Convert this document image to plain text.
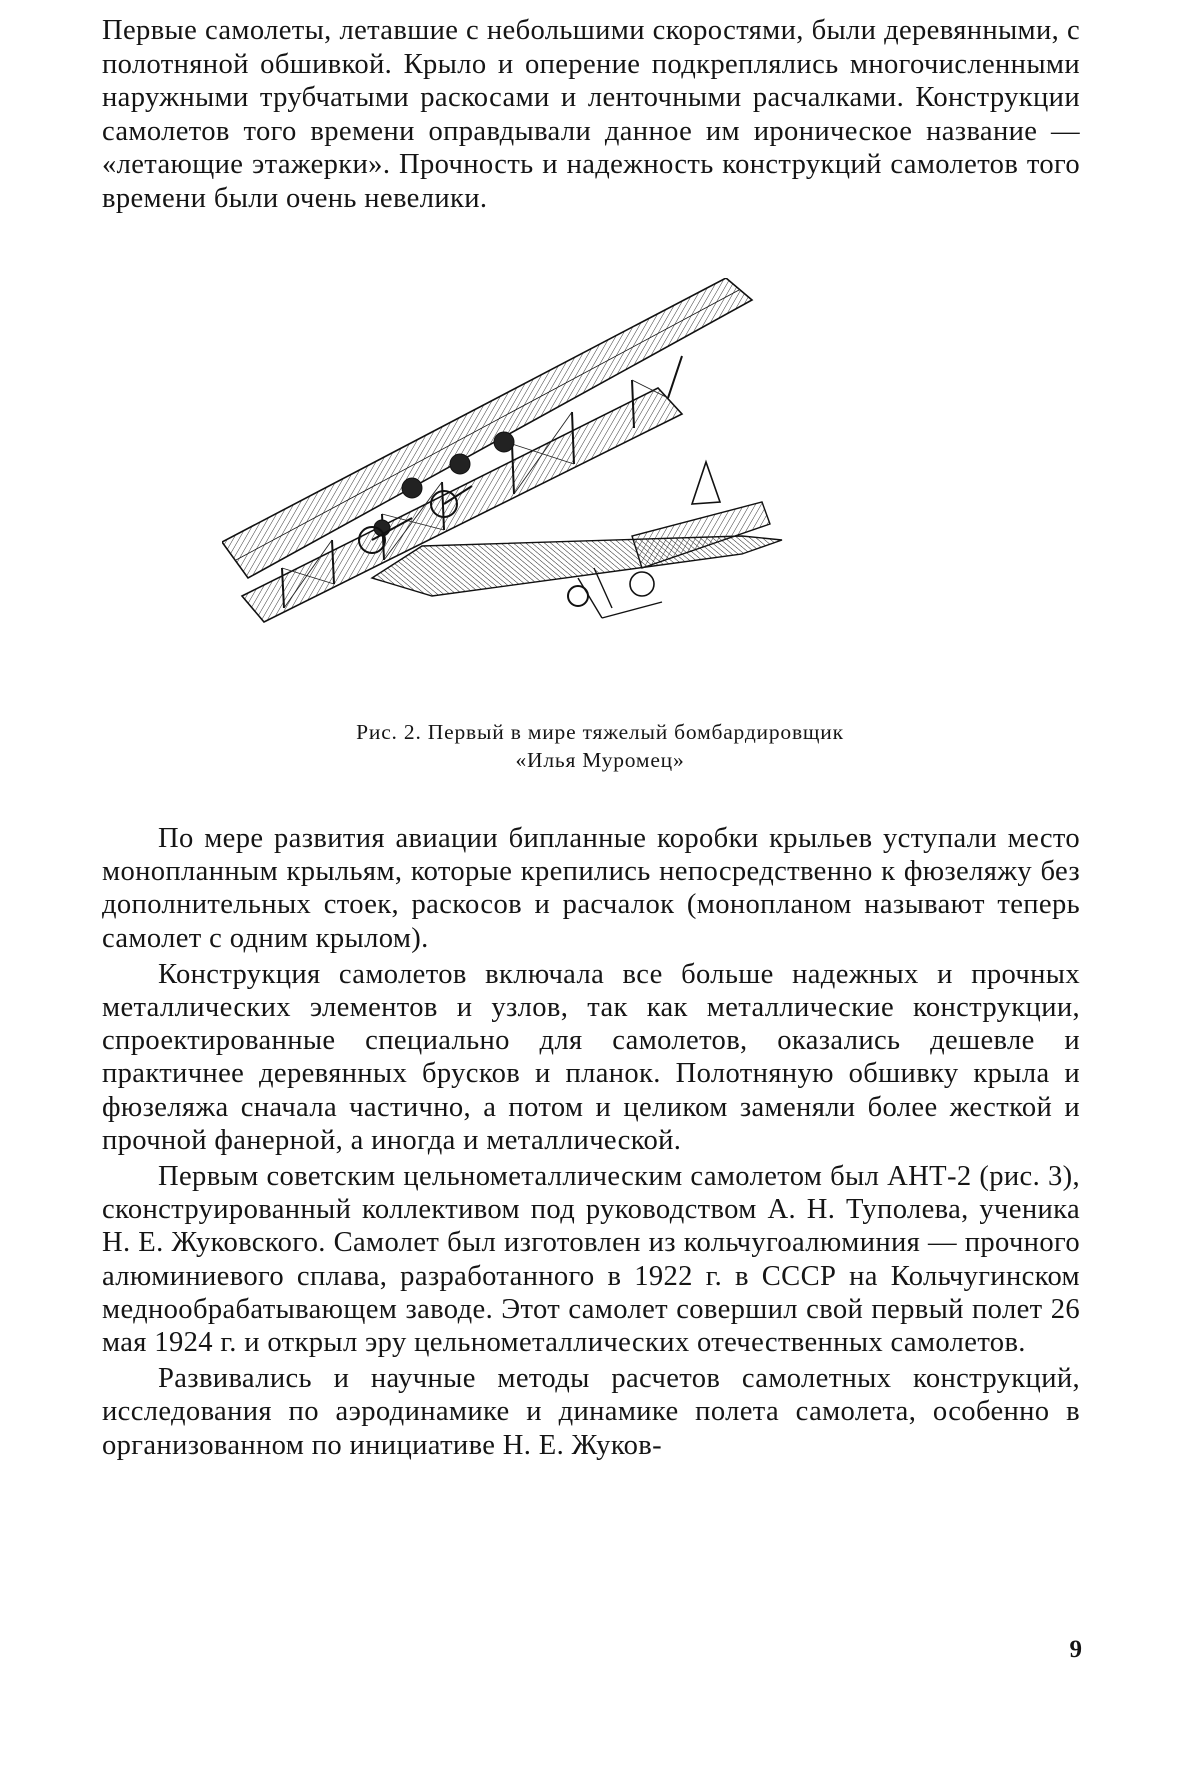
Первые самолеты, летавшие с небольшими скоростями, были деревянными, с полотняной обшивкой. Крыло и оперение подкреплялись многочисленными наружными трубчатыми раскосами и ленточными расчалками. Конструкции самолетов того времени оправдывали данное им ироническое название — «летающие этажерки». Прочность и надежность конструкций самолетов того времени были очень невелики.

Рис. 2. Первый в мире тяжелый бомбардировщик
«Илья Муромец»

По мере развития авиации бипланные коробки крыльев уступали место монопланным крыльям, которые крепились непосредственно к фюзеляжу без дополнительных стоек, раскосов и расчалок (монопланом называют теперь самолет с одним крылом).

Конструкция самолетов включала все больше надежных и прочных металлических элементов и узлов, так как металлические конструкции, спроектированные специально для самолетов, оказались дешевле и практичнее деревянных брусков и планок. Полотняную обшивку крыла и фюзеляжа сначала частично, а потом и целиком заменяли более жесткой и прочной фанерной, а иногда и металлической.

Первым советским цельнометаллическим самолетом был АНТ-2 (рис. 3), сконструированный коллективом под руководством А. Н. Туполева, ученика Н. Е. Жуковского. Самолет был изготовлен из кольчугоалюминия — прочного алюминиевого сплава, разработанного в 1922 г. в СССР на Кольчугинском меднообрабатывающем заводе. Этот самолет совершил свой первый полет 26 мая 1924 г. и открыл эру цельнометаллических отечественных самолетов.

Развивались и научные методы расчетов самолетных конструкций, исследования по аэродинамике и динамике полета самолета, особенно в организованном по инициативе Н. Е. Жуков-

9
